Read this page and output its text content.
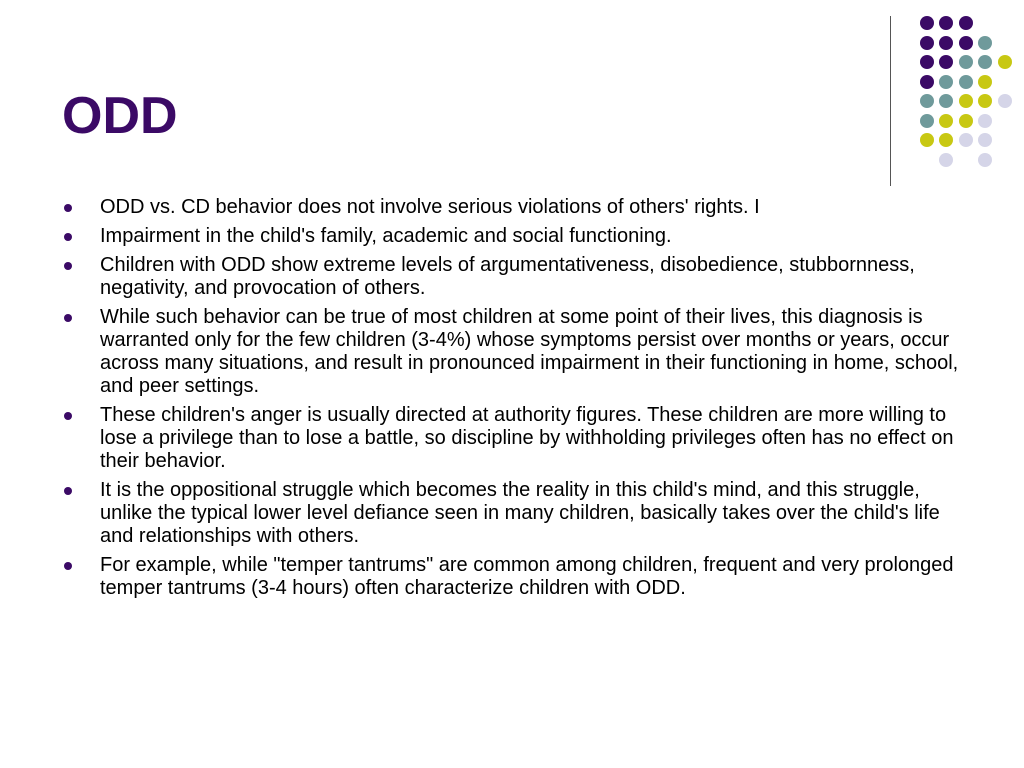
ODD
ODD vs. CD behavior does not involve serious violations of others' rights. I
Impairment in the child's family, academic and social functioning.
Children with ODD show extreme levels of argumentativeness, disobedience, stubbornness, negativity, and provocation of others.
While such behavior can be true of most children at some point of their lives, this diagnosis is warranted only for the few children (3-4%) whose symptoms persist over months or years, occur across many situations, and result in pronounced impairment in their functioning in home, school, and peer settings.
These children's anger is usually directed at authority figures. These children are more willing to lose a privilege than to lose a battle, so discipline by withholding privileges often has no effect on their behavior.
It is the oppositional struggle which becomes the reality in this child's mind, and this struggle, unlike the typical lower level defiance seen in many children, basically takes over the child's life and relationships with others.
For example, while "temper tantrums" are common among children, frequent and very prolonged temper tantrums (3-4 hours) often characterize children with ODD.
